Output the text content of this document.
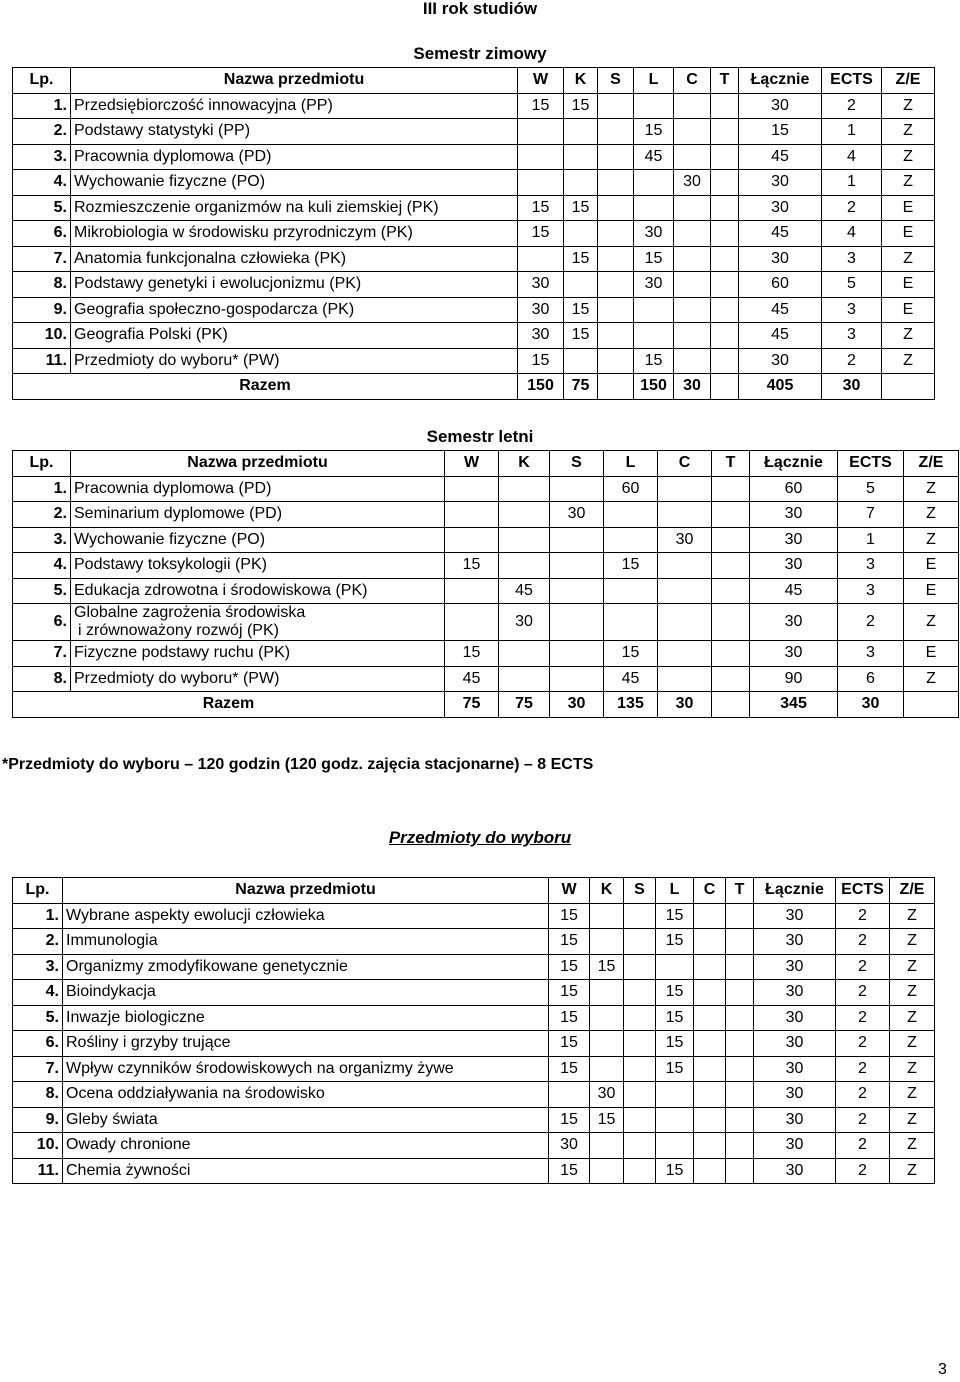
III rok studiów
Semestr zimowy
Lp.	Nazwa przedmiotu	W	K	S	L	C	T	Łącznie	ECTS	Z/E
1.	Przedsiębiorczość innowacyjna (PP)	15	15					30	2	Z
2.	Podstawy statystyki (PP)				15			15	1	Z
3.	Pracownia dyplomowa (PD)				45			45	4	Z
4.	Wychowanie fizyczne (PO)					30		30	1	Z
5.	Rozmieszczenie organizmów na kuli ziemskiej (PK)	15	15					30	2	E
6.	Mikrobiologia w środowisku przyrodniczym (PK)	15			30			45	4	E
7.	Anatomia funkcjonalna człowieka (PK)		15		15			30	3	Z
8.	Podstawy genetyki i ewolucjonizmu (PK)	30			30			60	5	E
9.	Geografia społeczno-gospodarcza (PK)	30	15					45	3	E
10.	Geografia Polski (PK)	30	15					45	3	Z
11.	Przedmioty do wyboru* (PW)	15			15			30	2	Z
Razem		150	75		150	30		405	30	
Semestr letni
Lp.	Nazwa przedmiotu	W	K	S	L	C	T	Łącznie	ECTS	Z/E
1.	Pracownia dyplomowa (PD)				60			60	5	Z
2.	Seminarium dyplomowe (PD)			30				30	7	Z
3.	Wychowanie fizyczne (PO)					30		30	1	Z
4.	Podstawy toksykologii (PK)	15			15			30	3	E
5.	Edukacja zdrowotna i środowiskowa (PK)		45					45	3	E
6.	Globalne zagrożenia środowiska
i zrównoważony rozwój (PK)		30					30	2	Z
7.	Fizyczne podstawy ruchu (PK)	15			15			30	3	E
8.	Przedmioty do wyboru* (PW)	45			45			90	6	Z
Razem		75	75	30	135	30		345	30	
*Przedmioty do wyboru – 120 godzin (120 godz. zajęcia stacjonarne) – 8 ECTS
Przedmioty do wyboru
Lp.	Nazwa przedmiotu	W	K	S	L	C	T	Łącznie	ECTS	Z/E
1.	Wybrane aspekty ewolucji człowieka	15			15			30	2	Z
2.	Immunologia	15			15			30	2	Z
3.	Organizmy zmodyfikowane genetycznie	15	15					30	2	Z
4.	Bioindykacja	15			15			30	2	Z
5.	Inwazje biologiczne	15			15			30	2	Z
6.	Rośliny i grzyby trujące	15			15			30	2	Z
7.	Wpływ czynników środowiskowych na organizmy żywe	15			15			30	2	Z
8.	Ocena oddziaływania na środowisko		30					30	2	Z
9.	Gleby świata	15	15					30	2	Z
10.	Owady chronione	30						30	2	Z
11.	Chemia żywności	15			15			30	2	Z
3
